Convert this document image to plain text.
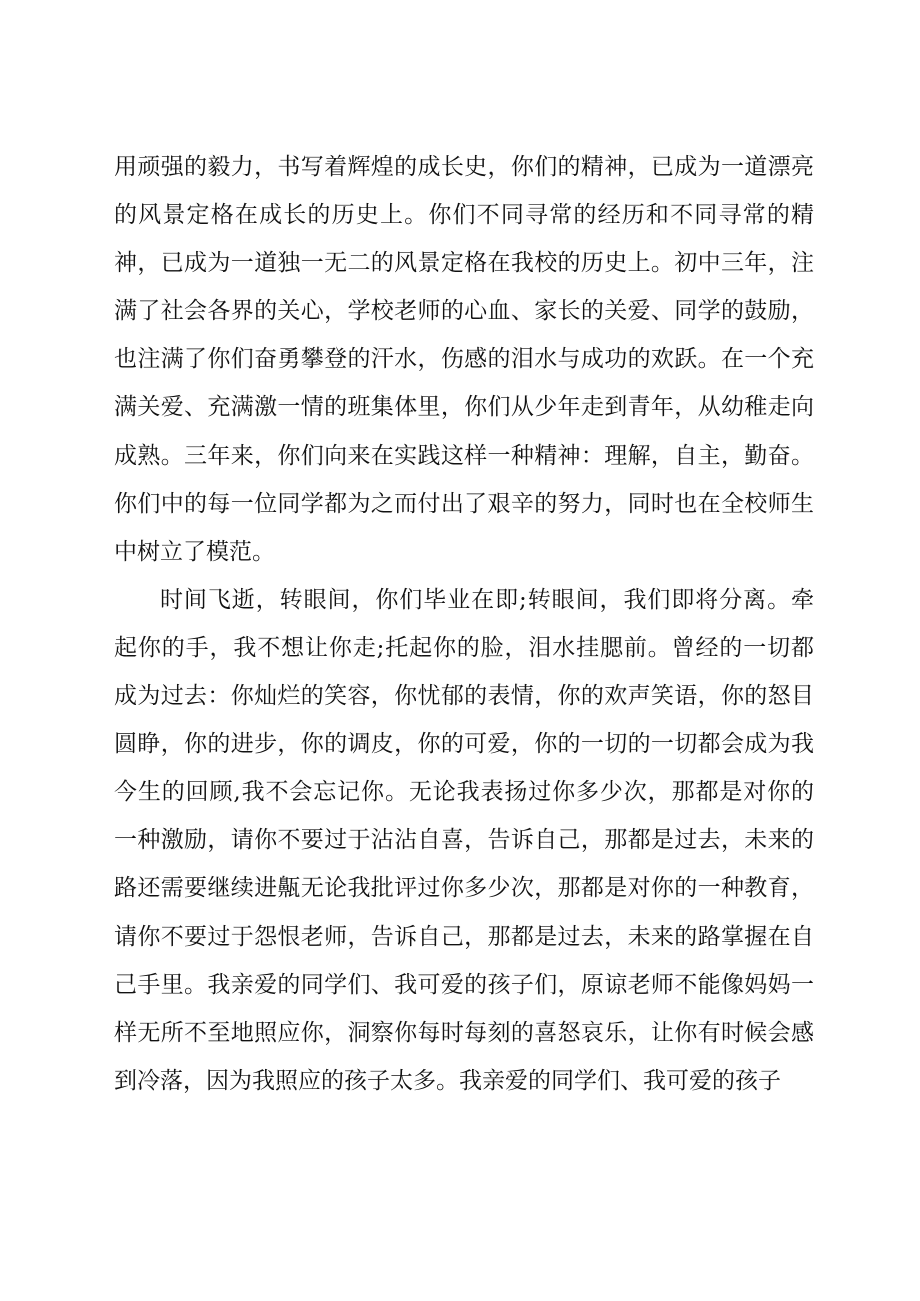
用顽强的毅力，书写着辉煌的成长史，你们的精神，已成为一道漂亮
的风景定格在成长的历史上。你们不同寻常的经历和不同寻常的精
神，已成为一道独一无二的风景定格在我校的历史上。初中三年，注
满了社会各界的关心，学校老师的心血、家长的关爱、同学的鼓励，
也注满了你们奋勇攀登的汗水，伤感的泪水与成功的欢跃。在一个充
满关爱、充满激一情的班集体里，你们从少年走到青年，从幼稚走向
成熟。三年来，你们向来在实践这样一种精神：理解，自主，勤奋。
你们中的每一位同学都为之而付出了艰辛的努力，同时也在全校师生
中树立了模范。
时间飞逝，转眼间，你们毕业在即;转眼间，我们即将分离。牵
起你的手，我不想让你走;托起你的脸，泪水挂腮前。曾经的一切都
成为过去：你灿烂的笑容，你忧郁的表情，你的欢声笑语，你的怒目
圆睁，你的进步，你的调皮，你的可爱，你的一切的一切都会成为我
今生的回顾,我不会忘记你。无论我表扬过你多少次，那都是对你的
一种激励，请你不要过于沾沾自喜，告诉自己，那都是过去，未来的
路还需要继续进齀无论我批评过你多少次，那都是对你的一种教育，
请你不要过于怨恨老师，告诉自己，那都是过去，未来的路掌握在自
己手里。我亲爱的同学们、我可爱的孩子们，原谅老师不能像妈妈一
样无所不至地照应你，洞察你每时每刻的喜怒哀乐，让你有时候会感
到冷落，因为我照应的孩子太多。我亲爱的同学们、我可爱的孩子
